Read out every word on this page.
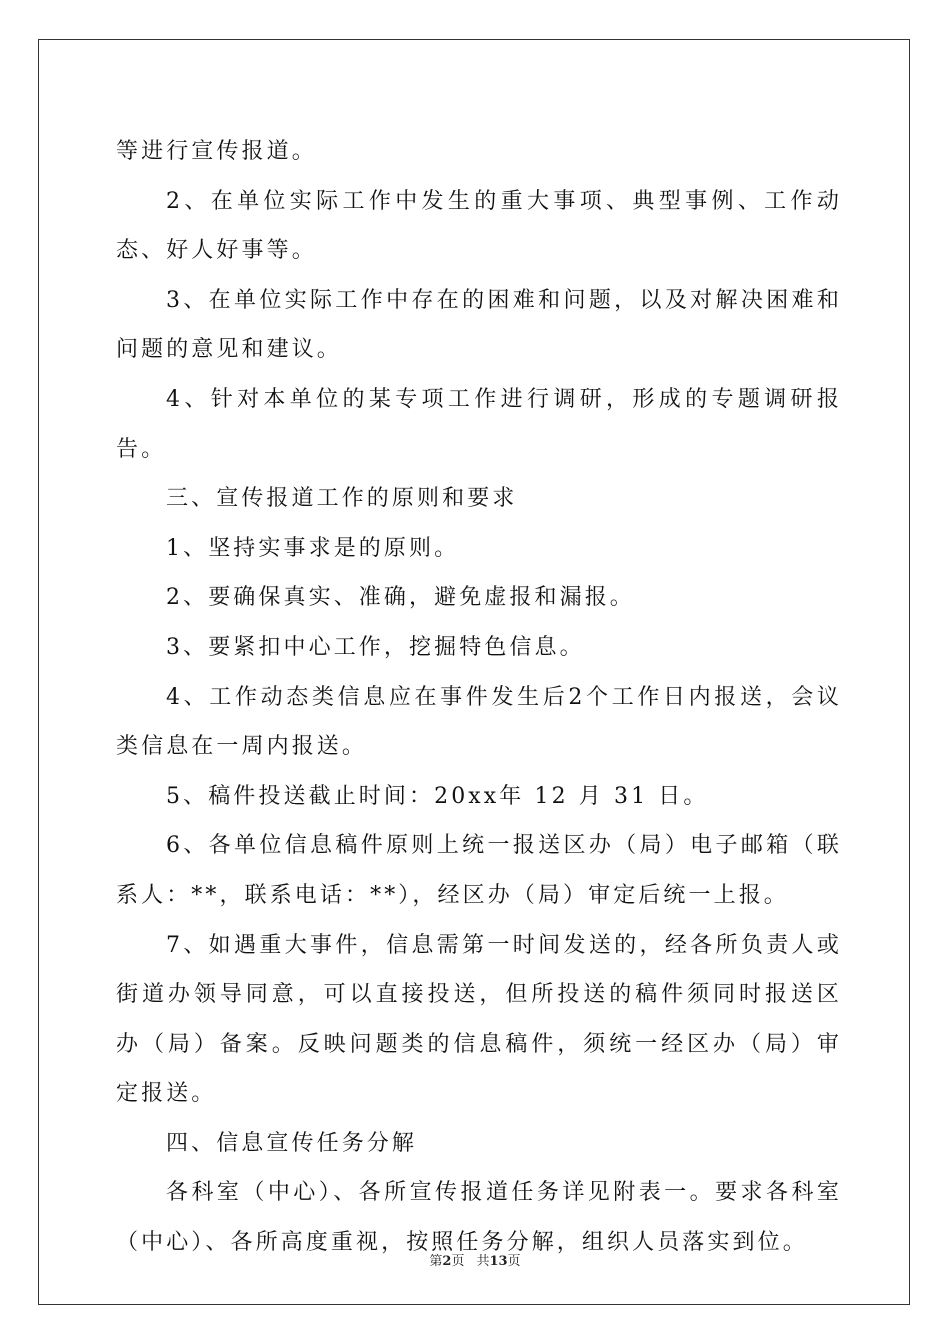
等进行宣传报道。

2、在单位实际工作中发生的重大事项、典型事例、工作动态、好人好事等。

3、在单位实际工作中存在的困难和问题，以及对解决困难和问题的意见和建议。

4、针对本单位的某专项工作进行调研，形成的专题调研报告。

三、宣传报道工作的原则和要求

1、坚持实事求是的原则。

2、要确保真实、准确，避免虚报和漏报。

3、要紧扣中心工作，挖掘特色信息。

4、工作动态类信息应在事件发生后2个工作日内报送，会议类信息在一周内报送。

5、稿件投送截止时间：20xx年 12 月 31 日。

6、各单位信息稿件原则上统一报送区办（局）电子邮箱（联系人：**，联系电话：**），经区办（局）审定后统一上报。

7、如遇重大事件，信息需第一时间发送的，经各所负责人或街道办领导同意，可以直接投送，但所投送的稿件须同时报送区办（局）备案。反映问题类的信息稿件，须统一经区办（局）审定报送。

四、信息宣传任务分解

各科室（中心）、各所宣传报道任务详见附表一。要求各科室（中心）、各所高度重视，按照任务分解，组织人员落实到位。

第2页 共13页
